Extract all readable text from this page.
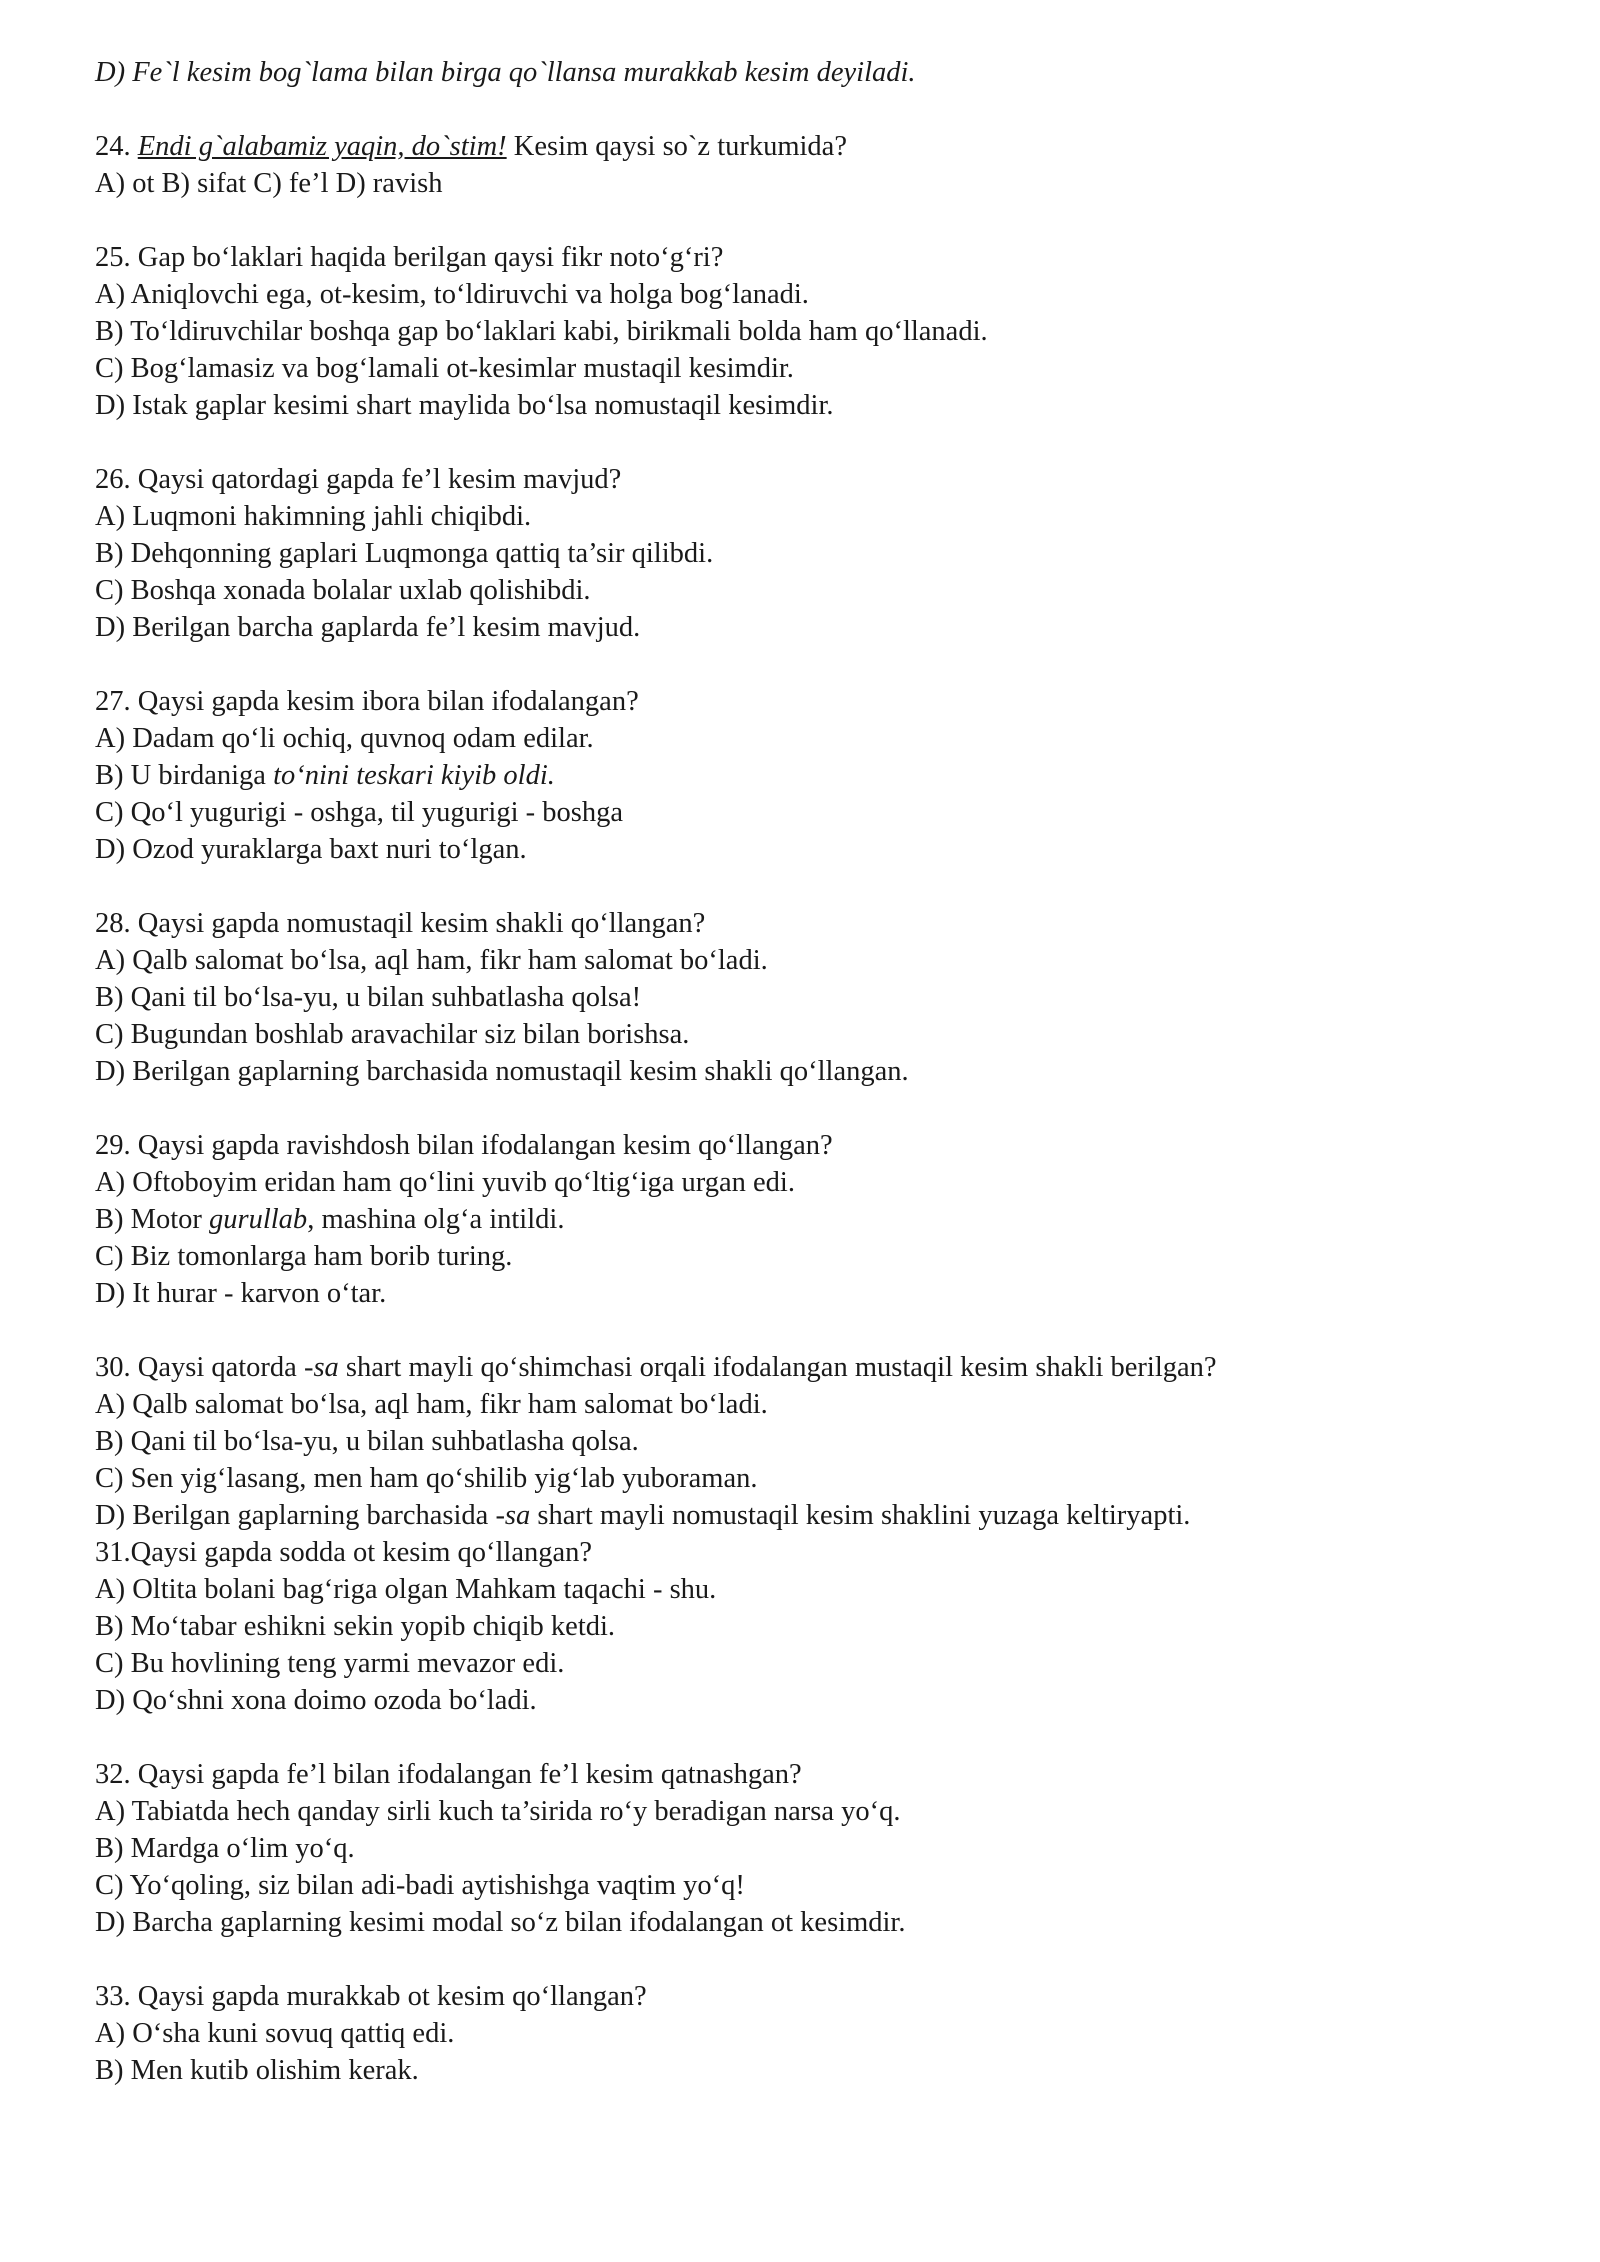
D) Fe`l kesim bog`lama bilan birga qo`llansa murakkab kesim deyiladi.
24. Endi g`alabamiz yaqin, do`stim! Kesim qaysi so`z turkumida?
A) ot B) sifat C) fe’l D) ravish
25. Gap bo‘laklari haqida berilgan qaysi fikr noto‘g‘ri?
A) Aniqlovchi ega, ot-kesim, to‘ldiruvchi va holga bog‘lanadi.
B) To‘ldiruvchilar boshqa gap bo‘laklari kabi, birikmali bolda ham qo‘llanadi.
C) Bog‘lamasiz va bog‘lamali ot-kesimlar mustaqil kesimdir.
D) Istak gaplar kesimi shart maylida bo‘lsa nomustaqil kesimdir.
26. Qaysi qatordagi gapda fe’l kesim mavjud?
A) Luqmoni hakimning jahli chiqibdi.
B) Dehqonning gaplari Luqmonga qattiq ta’sir qilibdi.
C) Boshqa xonada bolalar uxlab qolishibdi.
D) Berilgan barcha gaplarda fe’l kesim mavjud.
27. Qaysi gapda kesim ibora bilan ifodalangan?
A) Dadam qo‘li ochiq, quvnoq odam edilar.
B) U birdaniga to‘nini teskari kiyib oldi.
C) Qo‘l yugurigi - oshga, til yugurigi - boshga
D) Ozod yuraklarga baxt nuri to‘lgan.
28. Qaysi gapda nomustaqil kesim shakli qo‘llangan?
A) Qalb salomat bo‘lsa, aql ham, fikr ham salomat bo‘ladi.
B) Qani til bo‘lsa-yu, u bilan suhbatlasha qolsa!
C) Bugundan boshlab aravachilar siz bilan borishsa.
D) Berilgan gaplarning barchasida nomustaqil kesim shakli qo‘llangan.
29. Qaysi gapda ravishdosh bilan ifodalangan kesim qo‘llangan?
A) Oftoboyim eridan ham qo‘lini yuvib qo‘ltig‘iga urgan edi.
B) Motor gurullab, mashina olg‘a intildi.
C) Biz tomonlarga ham borib turing.
D) It hurar - karvon o‘tar.
30. Qaysi qatorda -sa shart mayli qo‘shimchasi orqali ifodalangan mustaqil kesim shakli berilgan?
A) Qalb salomat bo‘lsa, aql ham, fikr ham salomat bo‘ladi.
B) Qani til bo‘lsa-yu, u bilan suhbatlasha qolsa.
C) Sen yig‘lasang, men ham qo‘shilib yig‘lab yuboraman.
D) Berilgan gaplarning barchasida -sa shart mayli nomustaqil kesim shaklini yuzaga keltiryapti.
31.Qaysi gapda sodda ot kesim qo‘llangan?
A) Oltita bolani bag‘riga olgan Mahkam taqachi - shu.
B) Mo‘tabar eshikni sekin yopib chiqib ketdi.
C) Bu hovlining teng yarmi mevazor edi.
D) Qo‘shni xona doimo ozoda bo‘ladi.
32. Qaysi gapda fe’l bilan ifodalangan fe’l kesim qatnashgan?
A) Tabiatda hech qanday sirli kuch ta’sirida ro‘y beradigan narsa yo‘q.
B) Mardga o‘lim yo‘q.
C) Yo‘qoling, siz bilan adi-badi aytishishga vaqtim yo‘q!
D) Barcha gaplarning kesimi modal so‘z bilan ifodalangan ot kesimdir.
33. Qaysi gapda murakkab ot kesim qo‘llangan?
A) O‘sha kuni sovuq qattiq edi.
B) Men kutib olishim kerak.
